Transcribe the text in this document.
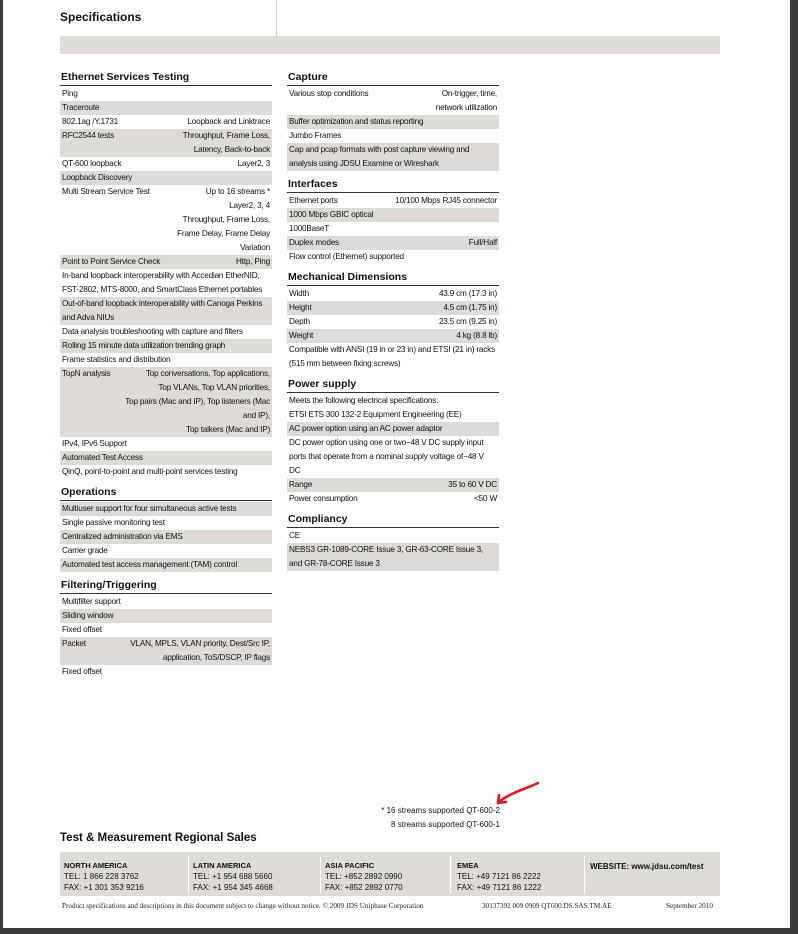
Specifications
Ethernet Services Testing
Ping
Traceroute
802.1ag /Y.1731	Loopback and Linktrace
RFC2544 tests	Throughput, Frame Loss,
Latency, Back-to-back
QT-600 loopback	Layer2, 3
Loopback Discovery
Multi Stream Service Test	Up to 16 streams *
Layer2, 3, 4
Throughput, Frame Loss,
Frame Delay, Frame Delay Variation
Point to Point Service Check	Http, Ping
In-band loopback interoperability with Accedian EtherNID, FST-2802, MTS-8000, and SmartClass Ethernet portables
Out-of-band loopback interoperability with Canoga Perkins and Adva NIUs
Data analysis troubleshooting with capture and filters
Rolling 15 minute data utilization trending graph
Frame statistics and distribution
TopN analysis	Top conversations, Top applications,
Top VLANs, Top VLAN priorities,
Top pairs (Mac and IP), Top listeners (Mac and IP),
Top talkers (Mac and IP)
IPv4, IPv6 Support
Automated Test Access
QinQ, point-to-point and multi-point services testing
Operations
Multiuser support for four simultaneous active tests
Single passive monitoring test
Centralized administration via EMS
Carrier grade
Automated test access management (TAM) control
Filtering/Triggering
Multifilter support
Sliding window
Fixed offset
Packet	VLAN, MPLS, VLAN priority, Dest/Src IP,
application, ToS/DSCP, IP flags
Fixed offset
Capture
Various stop conditions	On-trigger, time,
network utilization
Buffer optimization and status reporting
Jumbo Frames
Cap and pcap formats with post capture viewing and analysis using JDSU Examine or Wireshark
Interfaces
Ethernet ports	10/100 Mbps RJ45 connector
1000 Mbps GBIC optical
1000BaseT
Duplex modes	Full/Half
Flow control (Ethernet) supported
Mechanical Dimensions
Width	43.9 cm (17.3 in)
Height	4.5 cm (1.75 in)
Depth	23.5 cm (9.25 in)
Weight	4 kg (8.8 lb)
Compatible with ANSI (19 in or 23 in) and ETSI (21 in) racks (515 mm between fixing screws)
Power supply
Meets the following electrical specifications:
ETSI ETS 300 132-2 Equipment Engineering (EE)
AC power option using an AC power adaptor
DC power option using one or two−48 V DC supply input ports that operate from a nominal supply voltage of−48 V DC
Range	35 to 60 V DC
Power consumption	<50 W
Compliancy
CE
NEBS3 GR-1089-CORE Issue 3, GR-63-CORE Issue 3, and GR-78-CORE Issue 3
* 16 streams supported QT-600-2
8 streams supported QT-600-1
Test & Measurement Regional Sales
NORTH AMERICA
TEL: 1 866 228 3762
FAX: +1 301 353 9216
LATIN AMERICA
TEL: +1 954 688 5660
FAX: +1 954 345 4668
ASIA PACIFIC
TEL: +852 2892 0990
FAX: +852 2892 0770
EMEA
TEL: +49 7121 86 2222
FAX: +49 7121 86 1222
WEBSITE: www.jdsu.com/test
Product specifications and descriptions in this document subject to change without notice. © 2009 JDS Uniphase Corporation	30137392 009 0909 QT600.DS.SAS.TM.AE	September 2010
